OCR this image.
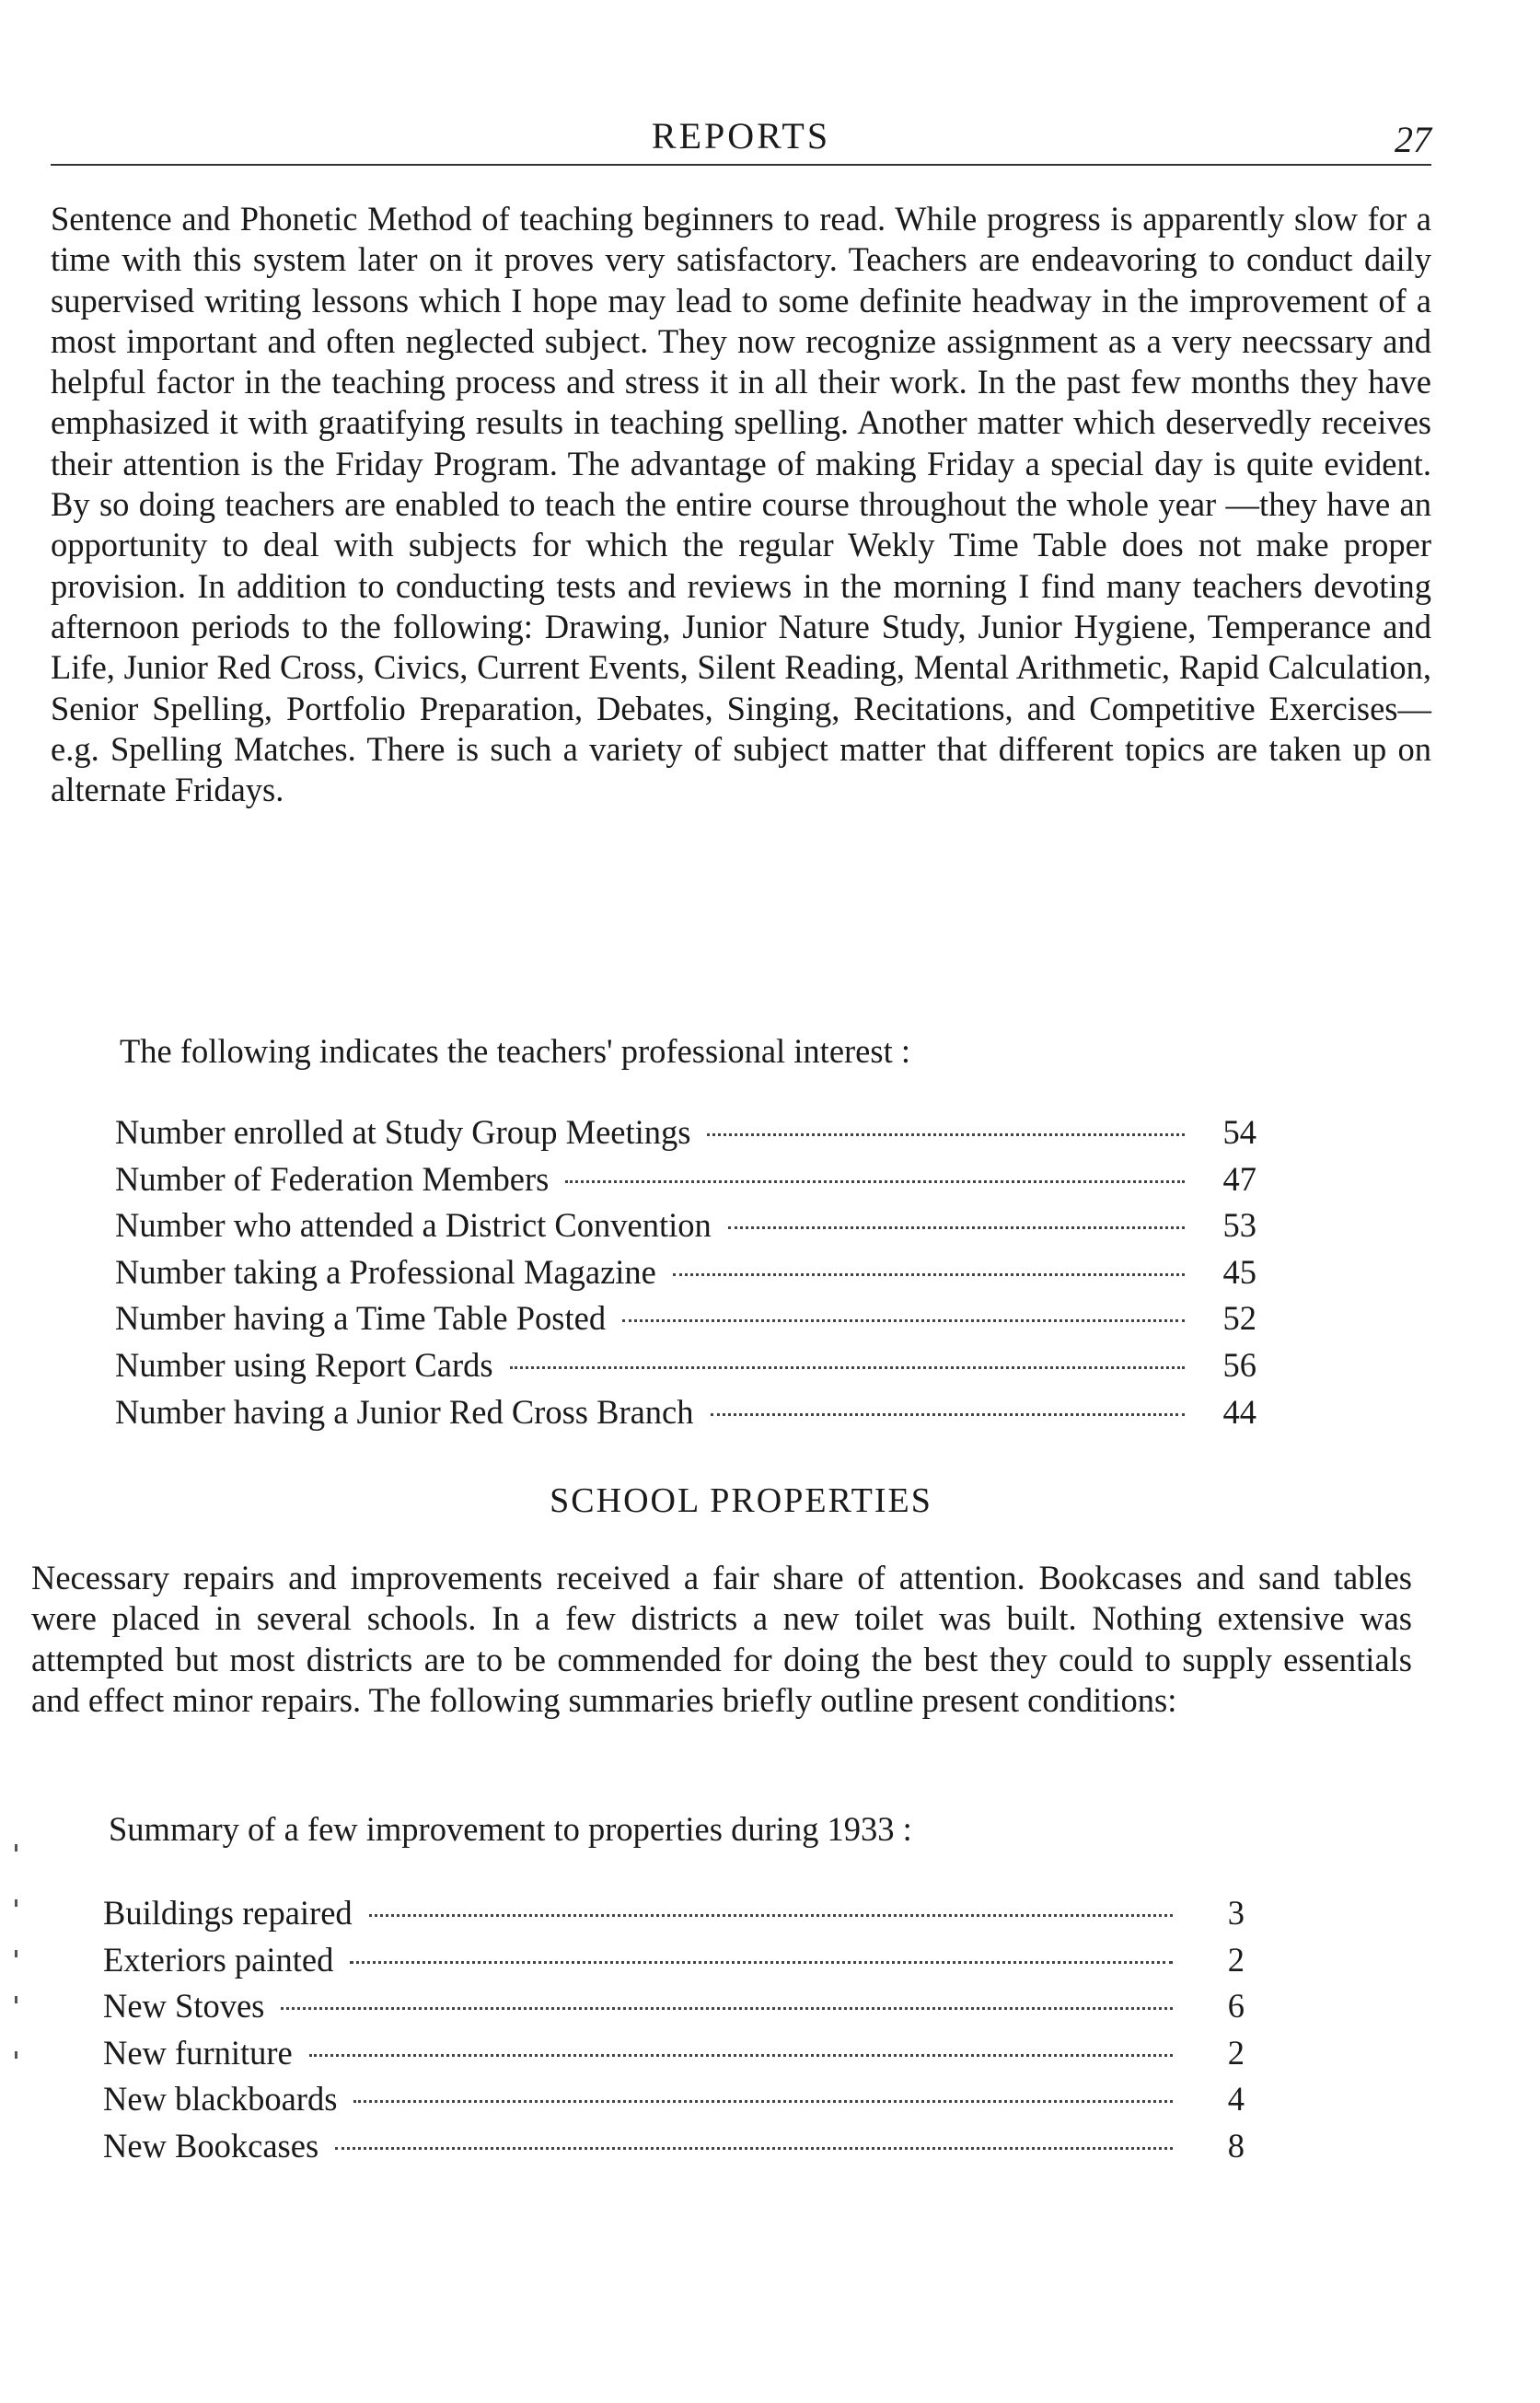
REPORTS	27

Sentence and Phonetic Method of teaching beginners to read. While progress is apparently slow for a time with this system later on it proves very satisfactory. Teachers are endeavoring to conduct daily supervised writing lessons which I hope may lead to some definite headway in the improvement of a most important and often neglected subject. They now recognize assignment as a very neecssary and helpful factor in the teaching process and stress it in all their work. In the past few months they have emphasized it with graatifying results in teaching spelling. Another matter which deservedly receives their attention is the Friday Program. The advantage of making Friday a special day is quite evident. By so doing teachers are enabled to teach the entire course throughout the whole year —they have an opportunity to deal with subjects for which the regular Wekly Time Table does not make proper provision. In addition to conducting tests and reviews in the morning I find many teachers devoting afternoon periods to the following: Drawing, Junior Nature Study, Junior Hygiene, Temperance and Life, Junior Red Cross, Civics, Current Events, Silent Reading, Mental Arithmetic, Rapid Calculation, Senior Spelling, Portfolio Preparation, Debates, Singing, Recitations, and Competitive Exercises—e.g. Spelling Matches. There is such a variety of subject matter that different topics are taken up on alternate Fridays.

The following indicates the teachers' professional interest :

Number enrolled at Study Group Meetings	54
Number of Federation Members	47
Number who attended a District Convention	53
Number taking a Professional Magazine	45
Number having a Time Table Posted	52
Number using Report Cards	56
Number having a Junior Red Cross Branch	44
SCHOOL PROPERTIES

Necessary repairs and improvements received a fair share of attention. Bookcases and sand tables were placed in several schools. In a few districts a new toilet was built. Nothing extensive was attempted but most districts are to be commended for doing the best they could to supply essentials and effect minor repairs. The following summaries briefly outline present conditions:

Summary of a few improvement to properties during 1933 :

Buildings repaired	3
Exteriors painted	2
New Stoves	6
New furniture	2
New blackboards	4
New Bookcases	8
